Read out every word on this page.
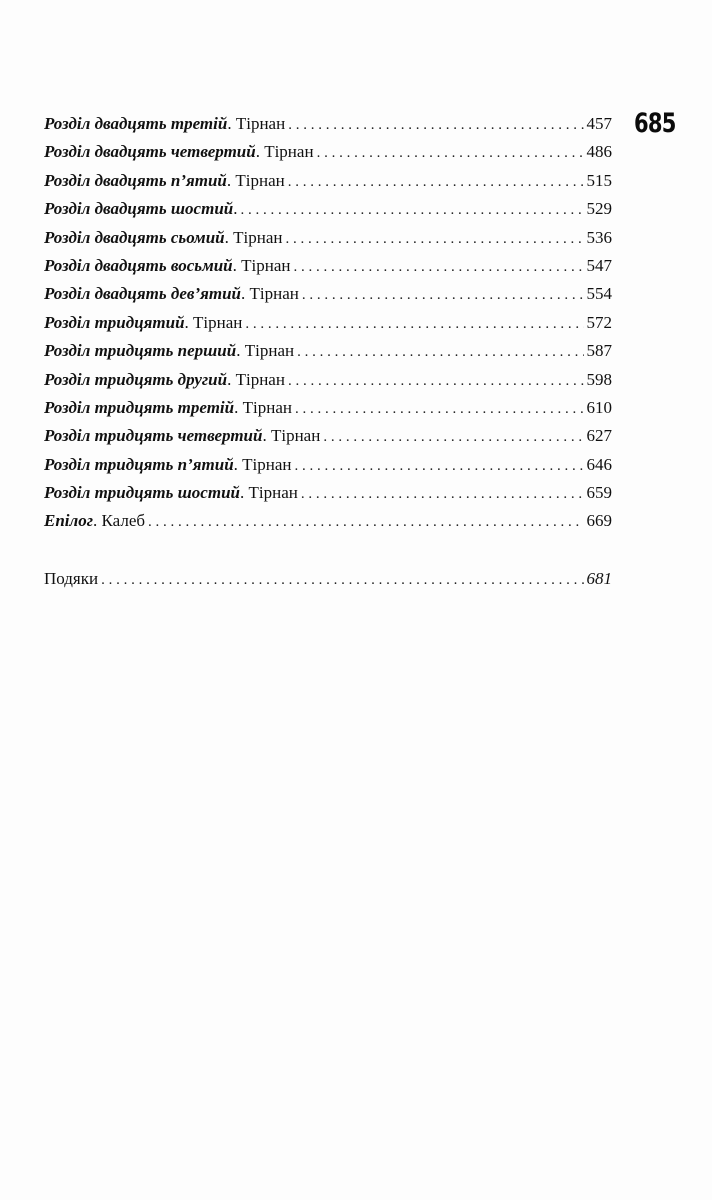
685
Розділ двадцять третій . Тірнан . . .	457
Розділ двадцять четвертий . Тірнан . . .	486
Розділ двадцять п’ятий . Тірнан . . .	515
Розділ двадцять шостий . . . .	529
Розділ двадцять сьомий . Тірнан . . .	536
Розділ двадцять восьмий . Тірнан . . .	547
Розділ двадцять дев’ятий . Тірнан . . .	554
Розділ тридцятий . Тірнан . . .	572
Розділ тридцять перший . Тірнан . . .	587
Розділ тридцять другий . Тірнан . . .	598
Розділ тридцять третій . Тірнан . . .	610
Розділ тридцять четвертий . Тірнан . . .	627
Розділ тридцять п’ятий . Тірнан . . .	646
Розділ тридцять шостий . Тірнан . . .	659
Епілог . Калеб . . .	669
Подяки . . .	681
